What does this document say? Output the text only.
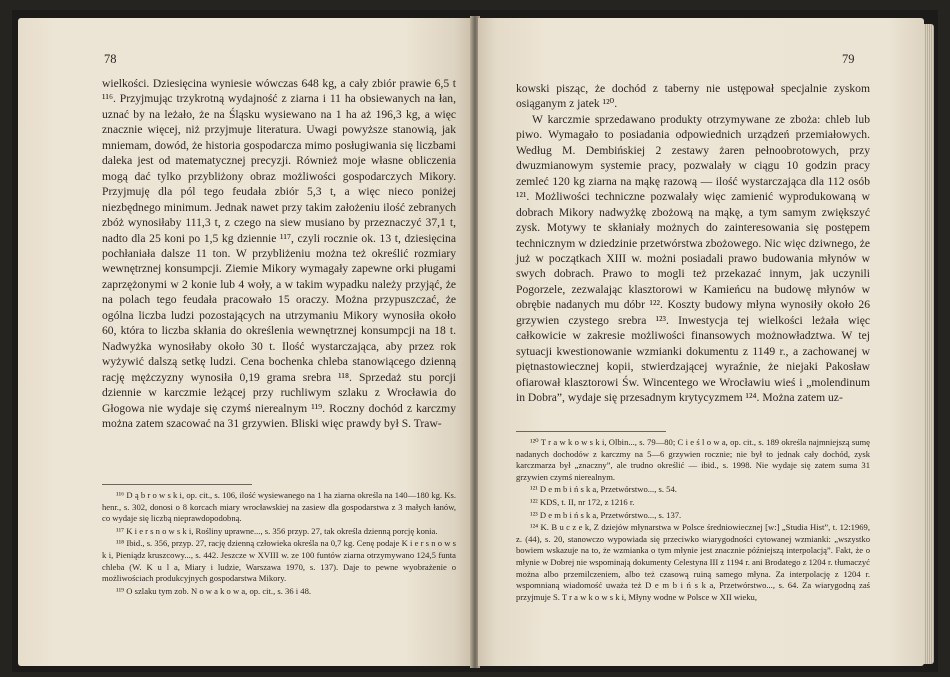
78

wielkości. Dziesięcina wyniesie wówczas 648 kg, a cały zbiór prawie 6,5 t ¹¹⁶. Przyjmując trzykrotną wydajność z ziarna i 11 ha obsiewanych na łan, uznać by na leżało, że na Śląsku wysiewano na 1 ha aż 196,3 kg, a więc znacznie więcej, niż przyjmuje literatura. Uwagi powyższe stanowią, jak mniemam, dowód, że historia gospodarcza mimo posługiwania się liczbami daleka jest od matematycznej precyzji. Również moje własne obliczenia mogą dać tylko przybliżony obraz możliwości gospodarczych Mikory. Przyjmuję dla pól tego feudała zbiór 5,3 t, a więc nieco poniżej niezbędnego minimum. Jednak nawet przy takim założeniu ilość zebranych zbóż wynosiłaby 111,3 t, z czego na siew musiano by przeznaczyć 37,1 t, nadto dla 25 koni po 1,5 kg dziennie ¹¹⁷, czyli rocznie ok. 13 t, dziesięcina pochłaniała dalsze 11 ton. W przybliżeniu można też określić rozmiary wewnętrznej konsumpcji. Ziemie Mikory wymagały zapewne orki pługami zaprzężonymi w 2 konie lub 4 woły, a w takim wypadku należy przyjąć, że na polach tego feudała pracowało 15 oraczy. Można przypuszczać, że ogólna liczba ludzi pozostających na utrzymaniu Mikory wynosiła około 60, która to liczba skłania do określenia wewnętrznej konsumpcji na 18 t. Nadwyżka wynosiłaby około 30 t. Ilość wystarczająca, aby przez rok wyżywić dalszą setkę ludzi. Cena bochenka chleba stanowiącego dzienną rację mężczyzny wynosiła 0,19 grama srebra ¹¹⁸. Sprzedaż stu porcji dziennie w karczmie leżącej przy ruchliwym szlaku z Wrocławia do Głogowa nie wydaje się czymś nierealnym ¹¹⁹. Roczny dochód z karczmy można zatem szacować na 31 grzywien. Bliski więc prawdy był S. Traw-

¹¹⁶ D ą b r o w s k i, op. cit., s. 106, ilość wysiewanego na 1 ha ziarna określa na 140—180 kg. Ks. henr., s. 302, donosi o 8 korcach miary wrocławskiej na zasiew dla gospodarstwa z 3 małych łanów, co wydaje się liczbą nieprawdopodobną.

¹¹⁷ K i e r s n o w s k i, Rośliny uprawne..., s. 356 przyp. 27, tak określa dzienną porcję konia.

¹¹⁸ Ibid., s. 356, przyp. 27, rację dzienną człowieka określa na 0,7 kg. Cenę podaje K i e r s n o w s k i, Pieniądz kruszcowy..., s. 442. Jeszcze w XVIII w. ze 100 funtów ziarna otrzymywano 124,5 funta chleba (W. K u l a, Miary i ludzie, Warszawa 1970, s. 137). Daje to pewne wyobrażenie o możliwościach produkcyjnych gospodarstwa Mikory.

¹¹⁹ O szlaku tym zob. N o w a k o w a, op. cit., s. 36 i 48.

79

kowski pisząc, że dochód z taberny nie ustępował specjalnie zyskom osiąganym z jatek ¹²⁰.

W karczmie sprzedawano produkty otrzymywane ze zboża: chleb lub piwo. Wymagało to posiadania odpowiednich urządzeń przemiałowych. Według M. Dembińskiej 2 zestawy żaren pełnoobrotowych, przy dwuzmianowym systemie pracy, pozwalały w ciągu 10 godzin pracy zemleć 120 kg ziarna na mąkę razową — ilość wystarczająca dla 112 osób ¹²¹. Możliwości techniczne pozwalały więc zamienić wyprodukowaną w dobrach Mikory nadwyżkę zbożową na mąkę, a tym samym zwiększyć zysk. Motywy te skłaniały możnych do zainteresowania się postępem technicznym w dziedzinie przetwórstwa zbożowego. Nic więc dziwnego, że już w początkach XIII w. możni posiadali prawo budowania młynów w swych dobrach. Prawo to mogli też przekazać innym, jak uczynili Pogorzele, zezwalając klasztorowi w Kamieńcu na budowę młynów w obrębie nadanych mu dóbr ¹²². Koszty budowy młyna wynosiły około 26 grzywien czystego srebra ¹²³. Inwestycja tej wielkości leżała więc całkowicie w zakresie możliwości finansowych możnowładztwa. W tej sytuacji kwestionowanie wzmianki dokumentu z 1149 r., a zachowanej w piętnastowiecznej kopii, stwierdzającej wyraźnie, że niejaki Pakosław ofiarował klasztorowi Św. Wincentego we Wrocławiu wieś i „molendinum in Dobra”, wydaje się przesadnym krytycyzmem ¹²⁴. Można zatem uz-

¹²⁰ T r a w k o w s k i, Olbin..., s. 79—80; C i e ś l o w a, op. cit., s. 189 określa najmniejszą sumę nadanych dochodów z karczmy na 5—6 grzywien rocznie; nie był to jednak cały dochód, zysk karczmarza był „znaczny”, ale trudno określić — ibid., s. 1998. Nie wydaje się zatem suma 31 grzywien czymś nierealnym.

¹²¹ D e m b i ń s k a, Przetwórstwo..., s. 54.

¹²² KDS, t. II, nr 172, z 1216 r.

¹²³ D e m b i ń s k a, Przetwórstwo..., s. 137.

¹²⁴ K. B u c z e k, Z dziejów młynarstwa w Polsce średniowiecznej [w:] „Studia Hist”, t. 12:1969, z. (44), s. 20, stanowczo wypowiada się przeciwko wiarygodności cytowanej wzmianki: „wszystko bowiem wskazuje na to, że wzmianka o tym młynie jest znacznie późniejszą interpolacją”. Fakt, że o młynie w Dobrej nie wspominają dokumenty Celestyna III z 1194 r. ani Brodatego z 1204 r. tłumaczyć można albo przemilczeniem, albo też czasową ruiną samego młyna. Za interpolację z 1204 r. wspomnianą wiadomość uważa też D e m b i ń s k a, Przetwórstwo..., s. 64. Za wiarygodną zaś przyjmuje S. T r a w k o w s k i, Młyny wodne w Polsce w XII wieku,
